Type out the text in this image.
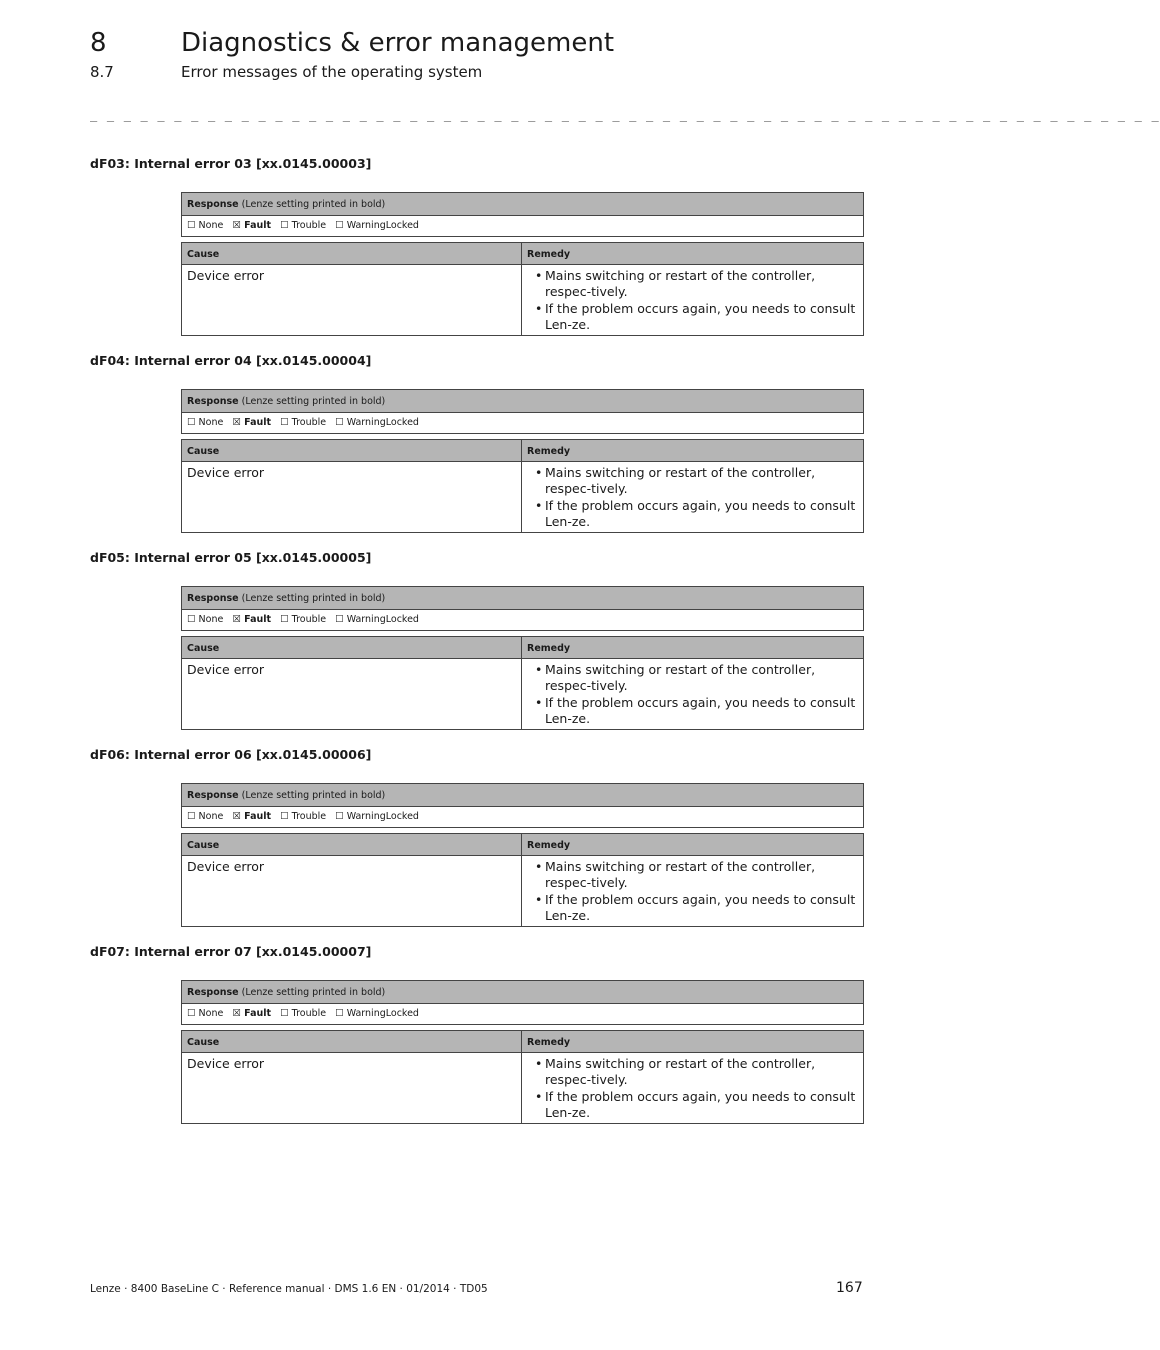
8	Diagnostics & error management
8.7	Error messages of the operating system
_ _ _ _ _ _ _ _ _ _ _ _ _ _ _ _ _ _ _ _ _ _ _ _ _ _ _ _ _ _ _ _ _ _ _ _ _ _ _ _ _ _ _ _ _ _ _ _ _ _ _ _ _ _ _ _ _ _ _ _ _ _ _ _
dF03: Internal error 03 [xx.0145.00003]
Response (Lenze setting printed in bold)
☐ None ☒ Fault ☐ Trouble ☐ WarningLocked
Cause	Remedy
Device error	• Mains switching or restart of the controller, respec-tively.
• If the problem occurs again, you needs to consult Len-ze.
dF04: Internal error 04 [xx.0145.00004]
Response (Lenze setting printed in bold)
☐ None ☒ Fault ☐ Trouble ☐ WarningLocked
Cause	Remedy
Device error	• Mains switching or restart of the controller, respec-tively.
• If the problem occurs again, you needs to consult Len-ze.
dF05: Internal error 05 [xx.0145.00005]
Response (Lenze setting printed in bold)
☐ None ☒ Fault ☐ Trouble ☐ WarningLocked
Cause	Remedy
Device error	• Mains switching or restart of the controller, respec-tively.
• If the problem occurs again, you needs to consult Len-ze.
dF06: Internal error 06 [xx.0145.00006]
Response (Lenze setting printed in bold)
☐ None ☒ Fault ☐ Trouble ☐ WarningLocked
Cause	Remedy
Device error	• Mains switching or restart of the controller, respec-tively.
• If the problem occurs again, you needs to consult Len-ze.
dF07: Internal error 07 [xx.0145.00007]
Response (Lenze setting printed in bold)
☐ None ☒ Fault ☐ Trouble ☐ WarningLocked
Cause	Remedy
Device error	• Mains switching or restart of the controller, respec-tively.
• If the problem occurs again, you needs to consult Len-ze.
Lenze · 8400 BaseLine C · Reference manual · DMS 1.6 EN · 01/2014 · TD05	167
